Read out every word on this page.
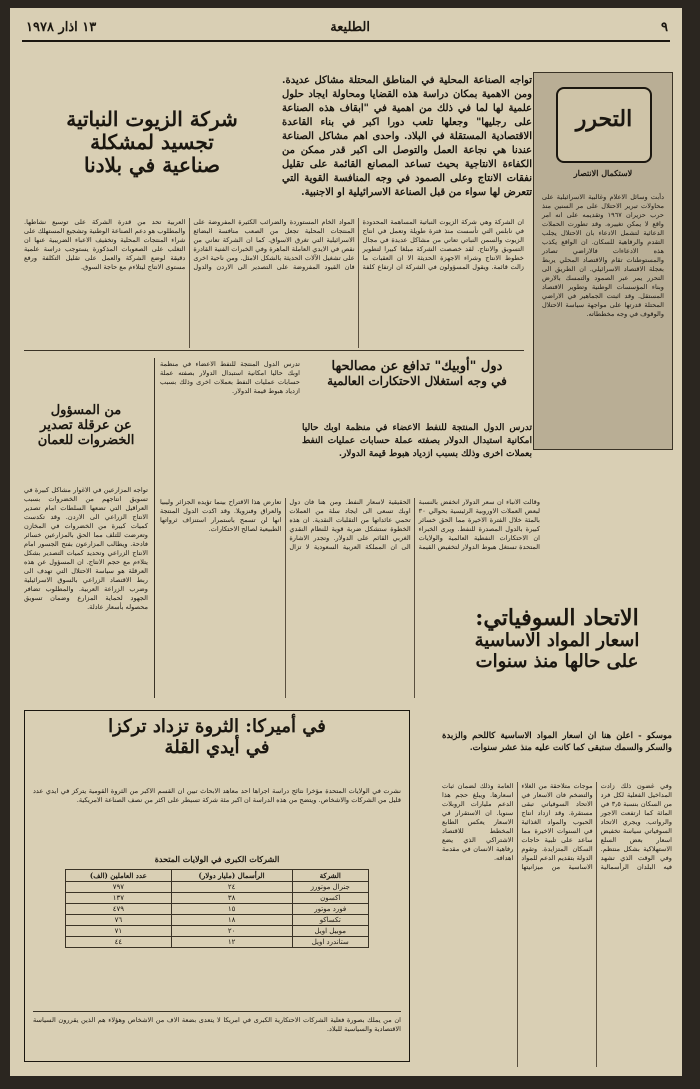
٩
الطليعة
١٣ اذار ١٩٧٨

التحرر

لاستكمال الانتصار

دأبت وسائل الاعلام وغالبية الاسرائيلية على محاولات تبرير الاحتلال على مر السنين منذ حرب حزيران ١٩٦٧ وتقديمه على انه امر واقع لا يمكن تغييره. وقد تطورت الحملات الدعائية لتشمل الادعاء بان الاحتلال يجلب التقدم والرفاهية للسكان. ان الواقع يكذب هذه الادعاءات فالاراضي تصادر والمستوطنات تقام والاقتصاد المحلي يربط بعجلة الاقتصاد الاسرائيلي. ان الطريق الى التحرر يمر عبر الصمود والتمسك بالارض وبناء المؤسسات الوطنية وتطوير الاقتصاد المستقل. وقد اثبتت الجماهير في الاراضي المحتلة قدرتها على مواجهة سياسة الاحتلال والوقوف في وجه مخططاته.

تواجه الصناعة المحلية في المناطق المحتلة مشاكل عديدة. ومن الاهمية بمكان دراسة هذه القضايا ومحاولة ايجاد حلول علمية لها لما في ذلك من اهمية في "ابقاف هذه الصناعة على رجليها" وجعلها تلعب دورا اكبر في بناء القاعدة الاقتصادية المستقلة في البلاد. واحدى اهم مشاكل الصناعة عندنا هي نجاعة العمل والتوصل الى اكبر قدر ممكن من الكفاءة الانتاجية بحيث تساعد المصانع القائمة على تقليل نفقات الانتاج وعلى الصمود في وجه المنافسة القوية التي تتعرض لها سواء من قبل الصناعة الاسرائيلية او الاجنبية.

شركة الزيوت النباتية

تجسيد لمشكلة

صناعية في بلادنا

ان الشركة وهي شركة الزيوت النباتية المساهمة المحدودة في نابلس التي تأسست منذ فترة طويلة وتعمل في انتاج الزيوت والسمن النباتي تعاني من مشاكل عديدة في مجال التسويق والانتاج. لقد خصصت الشركة مبلغا كبيرا لتطوير خطوط الانتاج وشراء الاجهزة الحديثة الا ان العقبات ما زالت قائمة. ويقول المسؤولون في الشركة ان ارتفاع كلفة المواد الخام المستوردة والضرائب الكثيرة المفروضة على المنتجات المحلية تجعل من الصعب منافسة البضائع الاسرائيلية التي تغرق الاسواق. كما ان الشركة تعاني من نقص في الايدي العاملة الماهرة وفي الخبرات الفنية القادرة على تشغيل الآلات الحديثة بالشكل الامثل. ومن ناحية اخرى فان القيود المفروضة على التصدير الى الاردن والدول العربية تحد من قدرة الشركة على توسيع نشاطها. والمطلوب هو دعم الصناعة الوطنية وتشجيع المستهلك على شراء المنتجات المحلية وتخفيف الاعباء الضريبية عنها ان التغلب على الصعوبات المذكورة يستوجب دراسة علمية دقيقة لوضع الشركة والعمل على تقليل التكلفة ورفع مستوى الانتاج ليتلاءم مع حاجة السوق.

دول "أوبيك" تدافع عن مصالحها

في وجه استغلال الاحتكارات العالمية

تدرس الدول المنتجة للنفط الاعضاء في منظمة اوبك حاليا امكانية استبدال الدولار بصفته عملة حسابات عمليات النفط بعملات اخرى وذلك بسبب ازدياد هبوط قيمة الدولار.

وقالت الانباء ان سعر الدولار انخفض بالنسبة لبعض العملات الاوروبية الرئيسية بحوالي ٣٠ بالمئة خلال الفترة الاخيرة مما الحق خسائر كبيرة بالدول المصدرة للنفط. ويرى الخبراء ان الاحتكارات النفطية العالمية والولايات المتحدة تستغل هبوط الدولار لتخفيض القيمة الحقيقية لاسعار النفط. ومن هنا فان دول اوبك تسعى الى ايجاد سلة من العملات تحمي عائداتها من التقلبات النقدية. ان هذه الخطوة ستشكل ضربة قوية للنظام النقدي الغربي القائم على الدولار. وتجدر الاشارة الى ان المملكة العربية السعودية لا تزال تعارض هذا الاقتراح بينما تؤيده الجزائر وليبيا والعراق وفنزويلا. وقد اكدت الدول المنتجة انها لن تسمح باستمرار استنزاف ثرواتها الطبيعية لصالح الاحتكارات.

تدرس الدول المنتجة للنفط الاعضاء في منظمة اوبك حاليا امكانية استبدال الدولار بصفته عملة حسابات عمليات النفط بعملات اخرى وذلك بسبب ازدياد هبوط قيمة الدولار.

من المسؤول

عن عرقلة تصدير

الخضروات للعمان

تواجه المزارعين في الاغوار مشاكل كبيرة في تسويق انتاجهم من الخضروات بسبب العراقيل التي تضعها السلطات امام تصدير الانتاج الزراعي الى الاردن. وقد تكدست كميات كبيرة من الخضروات في المخازن وتعرضت للتلف مما الحق بالمزارعين خسائر فادحة. ويطالب المزارعون بفتح الجسور امام الانتاج الزراعي وتحديد كميات التصدير بشكل يتلاءم مع حجم الانتاج. ان المسؤول عن هذه العرقلة هو سياسة الاحتلال التي تهدف الى ربط الاقتصاد الزراعي بالسوق الاسرائيلية وضرب الزراعة العربية. والمطلوب تضافر الجهود لحماية المزارع وضمان تسويق محصوله بأسعار عادلة.	الاتحاد السوفياتي:

اسعار المواد الاساسية

على حالها منذ سنوات

موسكو - اعلن هنا ان اسعار المواد الاساسية كاللحم والزبدة والسكر والسمك ستبقى كما كانت عليه منذ عشر سنوات.

وفي غضون ذلك زادت المداخيل الفعلية لكل فرد من السكان بنسبة ٣٫٥ في المائة كما ارتفعت الاجور والرواتب. ويجري الاتحاد السوفياتي سياسة تخفيض اسعار بعض السلع الاستهلاكية بشكل منتظم. وفي الوقت الذي تشهد فيه البلدان الرأسمالية موجات متلاحقة من الغلاء والتضخم فان الاسعار في الاتحاد السوفياتي تبقى مستقرة. وقد ازداد انتاج الحبوب والمواد الغذائية في السنوات الاخيرة مما ساعد على تلبية حاجات السكان المتزايدة. وتقوم الدولة بتقديم الدعم للمواد الاساسية من ميزانيتها العامة وذلك لضمان ثبات اسعارها. ويبلغ حجم هذا الدعم مليارات الروبلات سنويا. ان الاستقرار في الاسعار يعكس الطابع المخطط للاقتصاد الاشتراكي الذي يضع رفاهية الانسان في مقدمة اهدافه.

في أميركا: الثروة تزداد تركزا

في أيدي القلة

نشرت في الولايات المتحدة مؤخرا نتائج دراسة اجراها احد معاهد الابحاث تبين ان القسم الاكبر من الثروة القومية يتركز في ايدي عدد قليل من الشركات والاشخاص. ويتضح من هذه الدراسة ان اكبر مئة شركة تسيطر على اكثر من نصف الصناعة الامريكية.

الشركات الكبرى في الولايات المتحدة

الشركة	الرأسمال (مليار دولار)	عدد العاملين (الف)
جنرال موتورز	٢٤	٧٩٧
اكسون	٣٨	١٣٧
فورد موتور	١٥	٤٧٩
تكساكو	١٨	٧٦
موبيل اويل	٢٠	٧١
ستاندرد اويل	١٢	٤٤

ان من يملك بصورة فعلية الشركات الاحتكارية الكبرى في امريكا لا يتعدى بضعة الاف من الاشخاص وهؤلاء هم الذين يقررون السياسة الاقتصادية والسياسية للبلاد.
